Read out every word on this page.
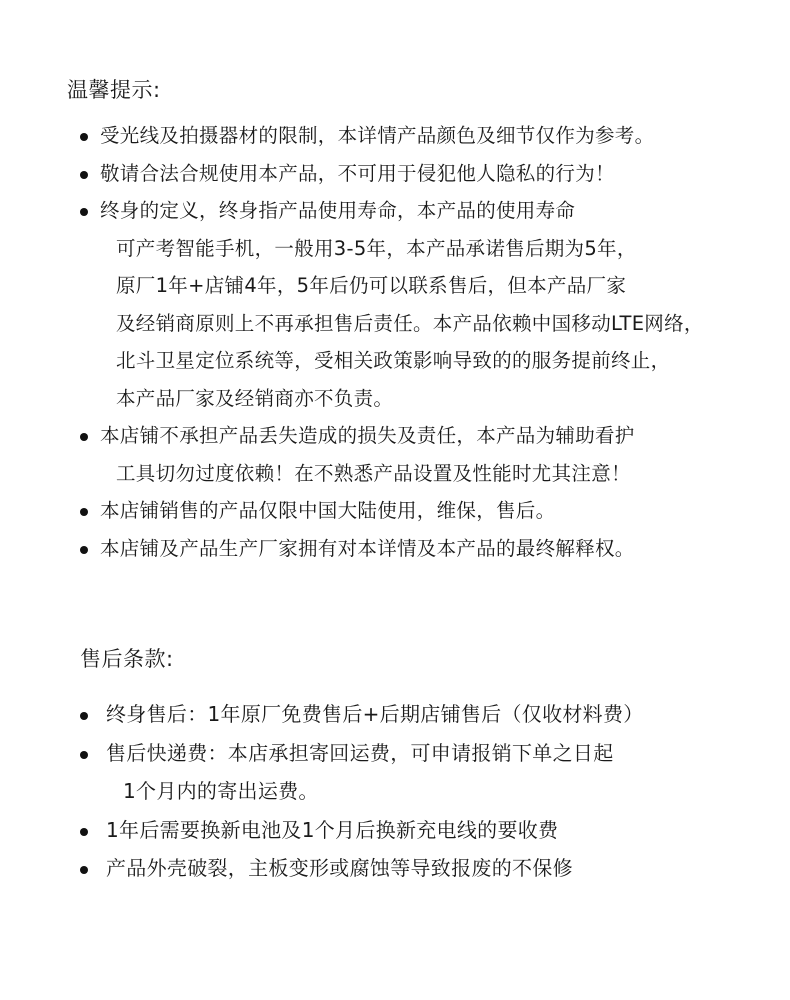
温馨提示:
受光线及拍摄器材的限制，本详情产品颜色及细节仅作为参考。
敬请合法合规使用本产品，不可用于侵犯他人隐私的行为！
终身的定义，终身指产品使用寿命，本产品的使用寿命
可产考智能手机，一般用3-5年，本产品承诺售后期为5年，
原厂1年+店铺4年，5年后仍可以联系售后，但本产品厂家
及经销商原则上不再承担售后责任。本产品依赖中国移动LTE网络，
北斗卫星定位系统等，受相关政策影响导致的的服务提前终止，
本产品厂家及经销商亦不负责。
本店铺不承担产品丢失造成的损失及责任，本产品为辅助看护
工具切勿过度依赖！在不熟悉产品设置及性能时尤其注意！
本店铺销售的产品仅限中国大陆使用，维保，售后。
本店铺及产品生产厂家拥有对本详情及本产品的最终解释权。
售后条款:
终身售后：1年原厂免费售后+后期店铺售后（仅收材料费）
售后快递费：本店承担寄回运费，可申请报销下单之日起
1个月内的寄出运费。
1年后需要换新电池及1个月后换新充电线的要收费
产品外壳破裂，主板变形或腐蚀等导致报废的不保修
